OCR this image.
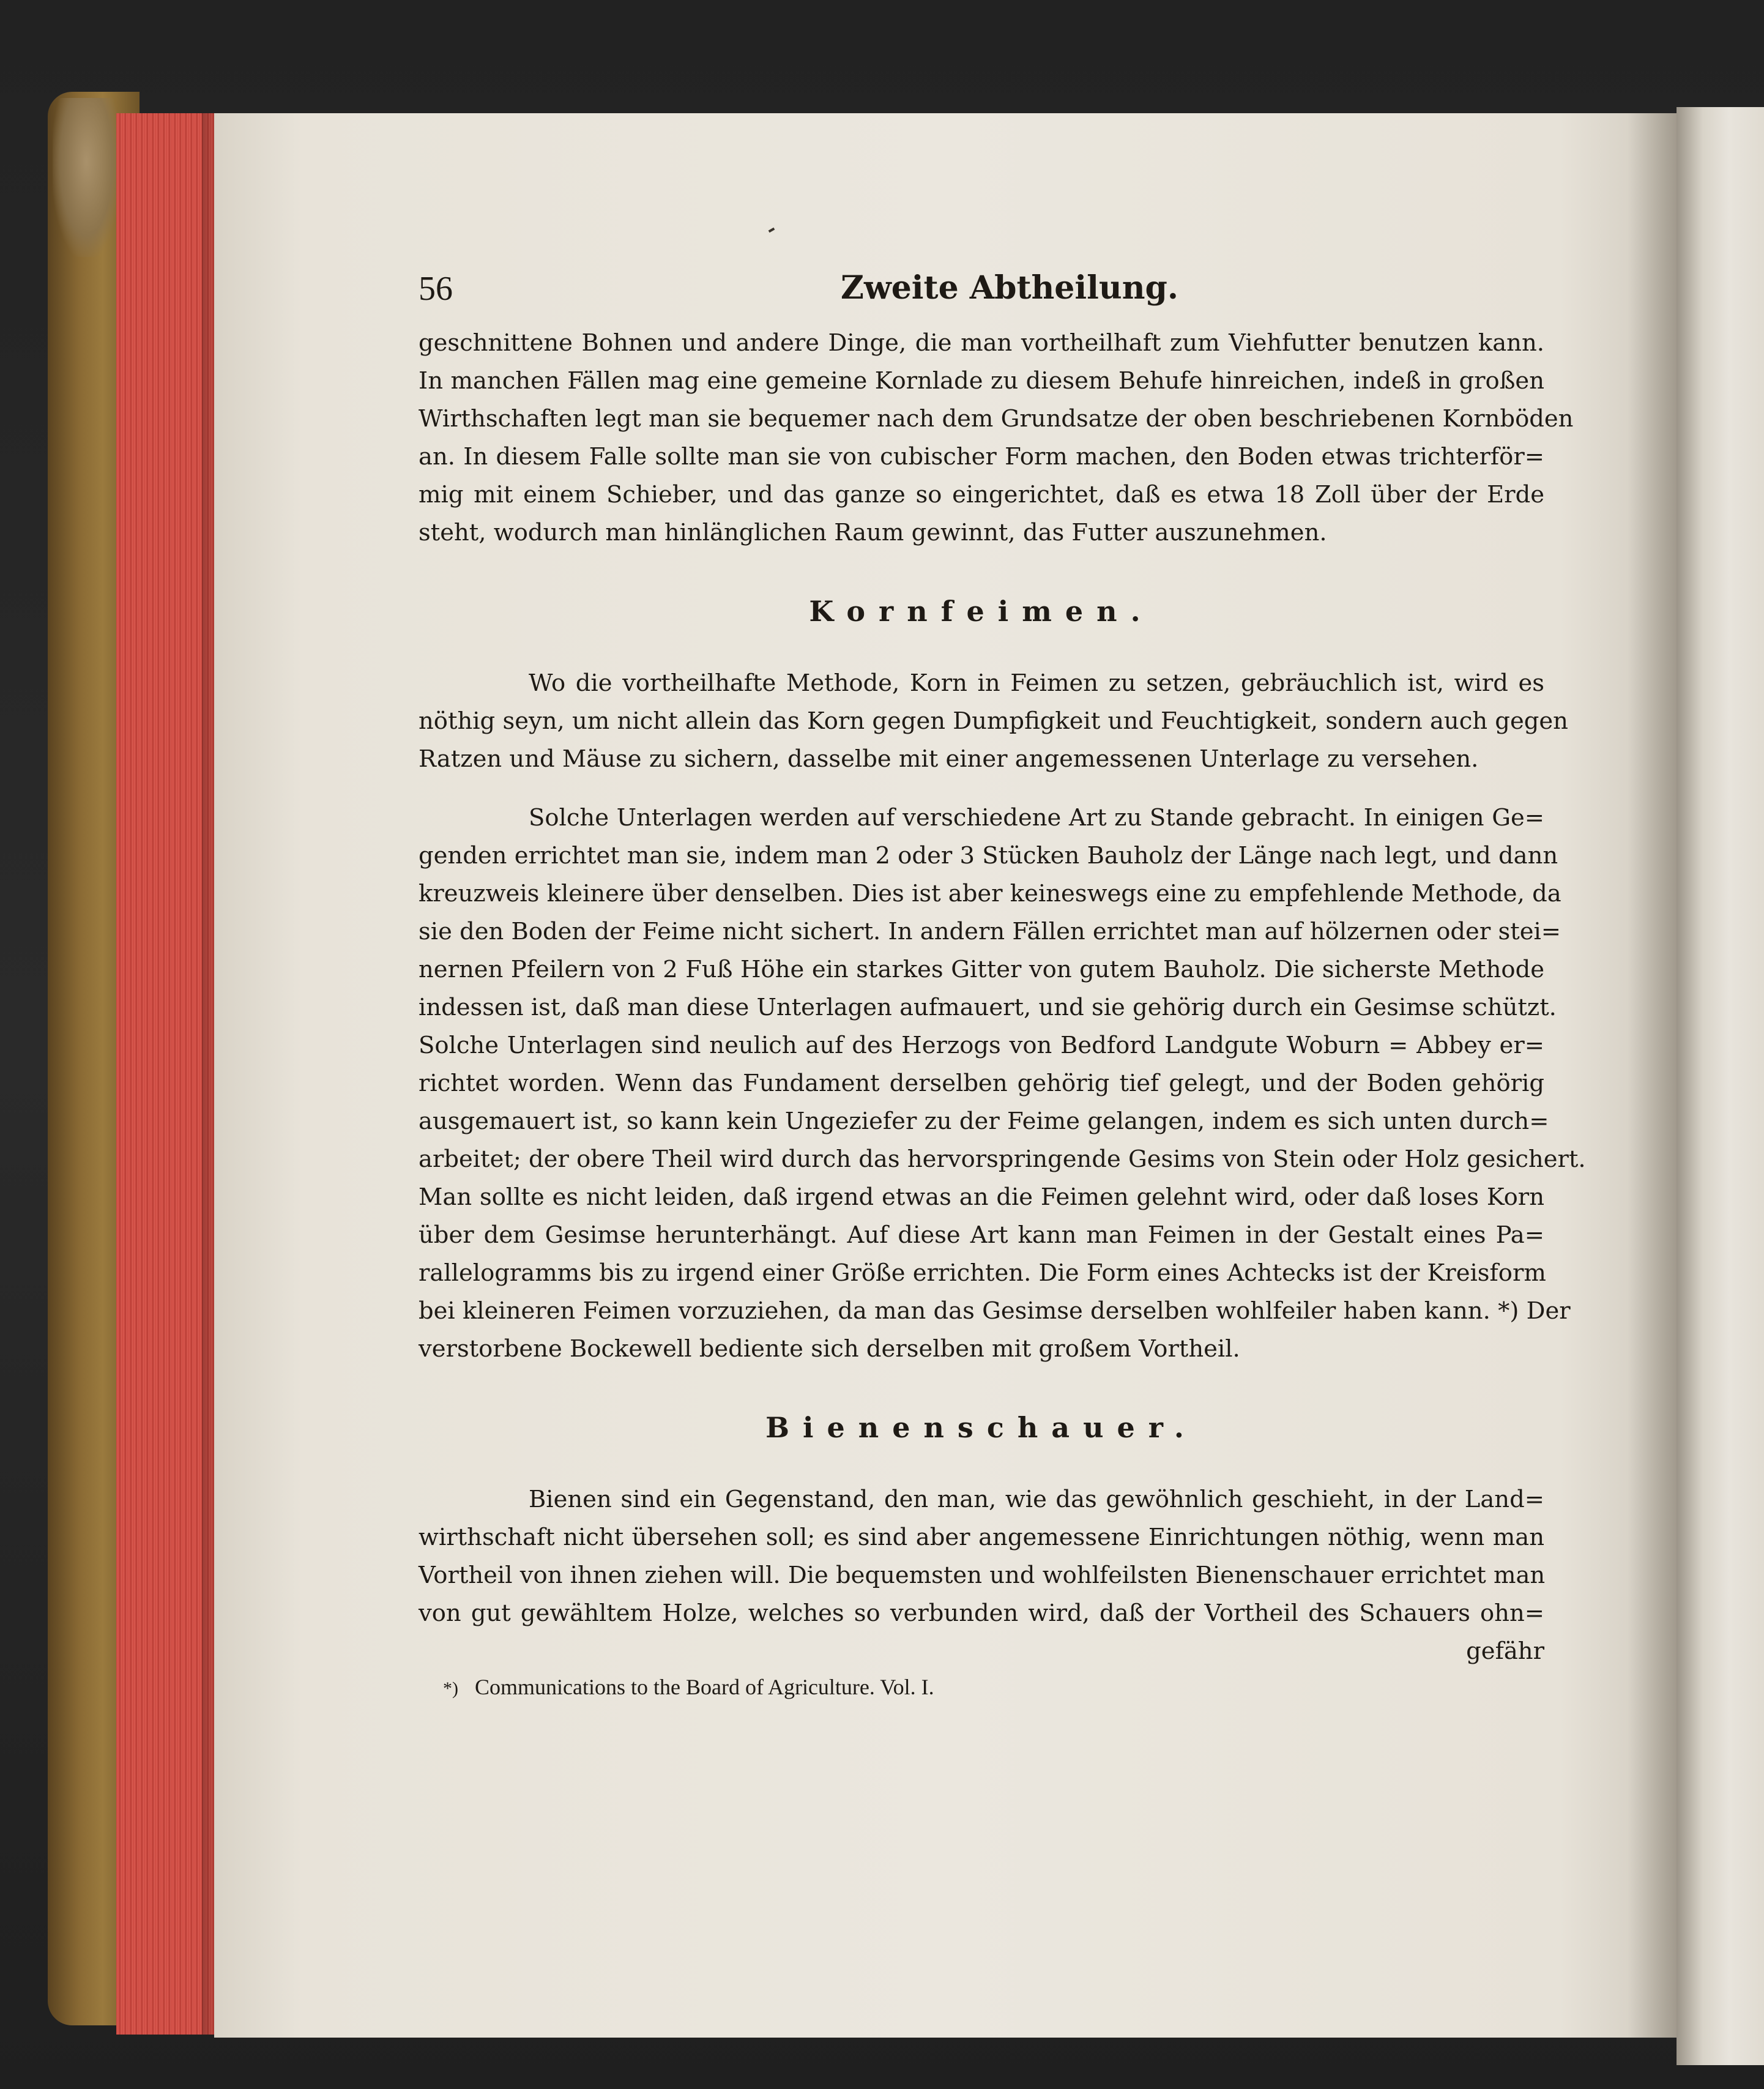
56	Zweite Abtheilung.

geschnittene Bohnen und andere Dinge, die man vortheilhaft zum Viehfutter benutzen kann.
In manchen Fällen mag eine gemeine Kornlade zu diesem Behufe hinreichen, indeß in großen
Wirthschaften legt man sie bequemer nach dem Grundsatze der oben beschriebenen Kornböden
an. In diesem Falle sollte man sie von cubischer Form machen, den Boden etwas trichterför=
mig mit einem Schieber, und das ganze so eingerichtet, daß es etwa 18 Zoll über der Erde
steht, wodurch man hinlänglichen Raum gewinnt, das Futter auszunehmen.

Kornfeimen.

Wo die vortheilhafte Methode, Korn in Feimen zu setzen, gebräuchlich ist, wird es
nöthig seyn, um nicht allein das Korn gegen Dumpfigkeit und Feuchtigkeit, sondern auch gegen
Ratzen und Mäuse zu sichern, dasselbe mit einer angemessenen Unterlage zu versehen.

Solche Unterlagen werden auf verschiedene Art zu Stande gebracht. In einigen Ge=
genden errichtet man sie, indem man 2 oder 3 Stücken Bauholz der Länge nach legt, und dann
kreuzweis kleinere über denselben. Dies ist aber keineswegs eine zu empfehlende Methode, da
sie den Boden der Feime nicht sichert. In andern Fällen errichtet man auf hölzernen oder stei=
nernen Pfeilern von 2 Fuß Höhe ein starkes Gitter von gutem Bauholz. Die sicherste Methode
indessen ist, daß man diese Unterlagen aufmauert, und sie gehörig durch ein Gesimse schützt.
Solche Unterlagen sind neulich auf des Herzogs von Bedford Landgute Woburn = Abbey er=
richtet worden. Wenn das Fundament derselben gehörig tief gelegt, und der Boden gehörig
ausgemauert ist, so kann kein Ungeziefer zu der Feime gelangen, indem es sich unten durch=
arbeitet; der obere Theil wird durch das hervorspringende Gesims von Stein oder Holz gesichert.
Man sollte es nicht leiden, daß irgend etwas an die Feimen gelehnt wird, oder daß loses Korn
über dem Gesimse herunterhängt. Auf diese Art kann man Feimen in der Gestalt eines Pa=
rallelogramms bis zu irgend einer Größe errichten. Die Form eines Achtecks ist der Kreisform
bei kleineren Feimen vorzuziehen, da man das Gesimse derselben wohlfeiler haben kann. *) Der
verstorbene Bockewell bediente sich derselben mit großem Vortheil.

Bienenschauer.

Bienen sind ein Gegenstand, den man, wie das gewöhnlich geschieht, in der Land=
wirthschaft nicht übersehen soll; es sind aber angemessene Einrichtungen nöthig, wenn man
Vortheil von ihnen ziehen will. Die bequemsten und wohlfeilsten Bienenschauer errichtet man
von gut gewähltem Holze, welches so verbunden wird, daß der Vortheil des Schauers ohn=

gefähr
*) Communications to the Board of Agriculture. Vol. I.
